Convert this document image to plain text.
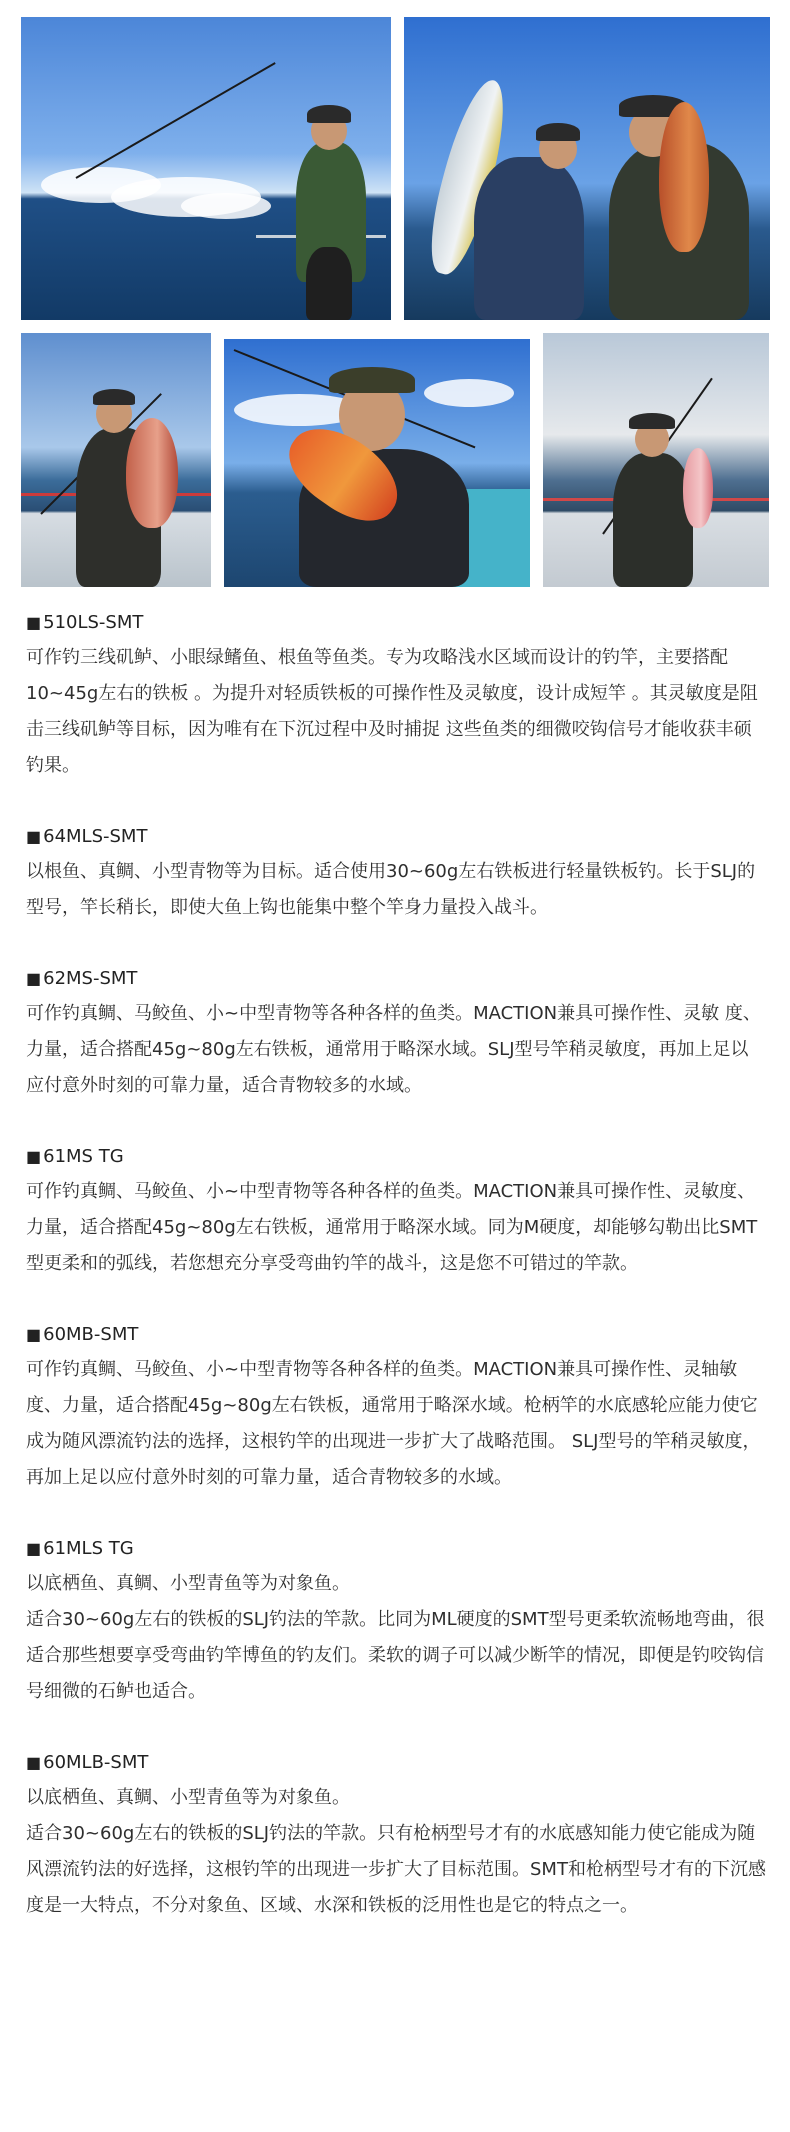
■ 510LS-SMT

可作钓三线矶鲈、小眼绿鳍鱼、根鱼等鱼类。专为攻略浅水区域而设计的钓竿，主要搭配10~45g左右的铁板 。为提升对轻质铁板的可操作性及灵敏度，设计成短竿 。其灵敏度是阻击三线矶鲈等目标，因为唯有在下沉过程中及时捕捉 这些鱼类的细微咬钩信号才能收获丰硕钓果。

■ 64MLS-SMT

以根鱼、真鲷、小型青物等为目标。适合使用30~60g左右铁板进行轻量铁板钓。长于SLJ的型号，竿长稍长，即使大鱼上钩也能集中整个竿身力量投入战斗。

■ 62MS-SMT

可作钓真鲷、马鲛鱼、小~中型青物等各种各样的鱼类。MACTION兼具可操作性、灵敏 度、力量，适合搭配45g~80g左右铁板，通常用于略深水域。SLJ型号竿稍灵敏度，再加上足以应付意外时刻的可靠力量，适合青物较多的水域。

■ 61MS TG

可作钓真鲷、马鲛鱼、小~中型青物等各种各样的鱼类。MACTION兼具可操作性、灵敏度、力量，适合搭配45g~80g左右铁板，通常用于略深水域。同为M硬度，却能够勾勒出比SMT型更柔和的弧线，若您想充分享受弯曲钓竿的战斗，这是您不可错过的竿款。

■ 60MB-SMT

可作钓真鲷、马鲛鱼、小~中型青物等各种各样的鱼类。MACTION兼具可操作性、灵轴敏度、力量，适合搭配45g~80g左右铁板，通常用于略深水域。枪柄竿的水底感轮应能力使它成为随风漂流钓法的选择，这根钓竿的出现进一步扩大了战略范围。 SLJ型号的竿稍灵敏度，再加上足以应付意外时刻的可靠力量，适合青物较多的水域。

■ 61MLS TG

以底栖鱼、真鲷、小型青鱼等为对象鱼。

适合30~60g左右的铁板的SLJ钓法的竿款。比同为ML硬度的SMT型号更柔软流畅地弯曲，很适合那些想要享受弯曲钓竿博鱼的钓友们。柔软的调子可以减少断竿的情况，即便是钓咬钩信号细微的石鲈也适合。

■ 60MLB-SMT

以底栖鱼、真鲷、小型青鱼等为对象鱼。

适合30~60g左右的铁板的SLJ钓法的竿款。只有枪柄型号才有的水底感知能力使它能成为随风漂流钓法的好选择，这根钓竿的出现进一步扩大了目标范围。SMT和枪柄型号才有的下沉感度是一大特点，不分对象鱼、区域、水深和铁板的泛用性也是它的特点之一。
